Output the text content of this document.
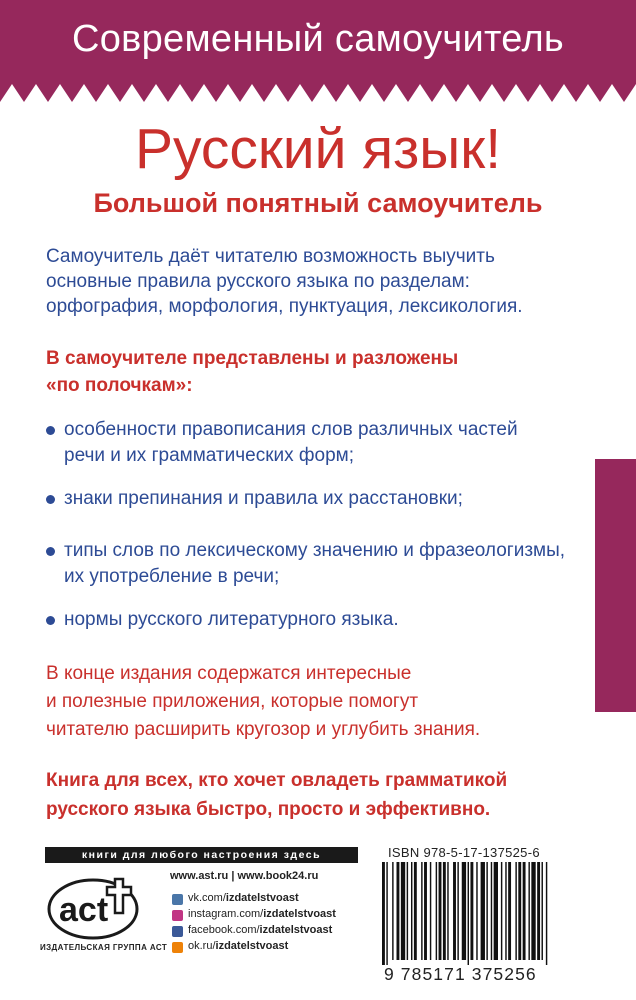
Современный самоучитель
Русский язык!
Большой понятный самоучитель
Самоучитель даёт читателю возможность выучить
основные правила русского языка по разделам:
орфография, морфология, пунктуация, лексикология.
В самоучителе представлены и разложены
«по полочкам»:
особенности правописания слов различных частей
речи и их грамматических форм;
знаки препинания и правила их расстановки;
типы слов по лексическому значению и фразеологизмы,
их употребление в речи;
нормы русского литературного языка.
В конце издания содержатся интересные
и полезные приложения, которые помогут
читателю расширить кругозор и углубить знания.
Книга для всех, кто хочет овладеть грамматикой
русского языка быстро, просто и эффективно.
книги для любого настроения здесь
act
ИЗДАТЕЛЬСКАЯ ГРУППА АСТ
www.ast.ru | www.book24.ru
vk.com/izdatelstvoast
instagram.com/izdatelstvoast
facebook.com/izdatelstvoast
ok.ru/izdatelstvoast
ISBN 978-5-17-137525-6
9 785171 375256
